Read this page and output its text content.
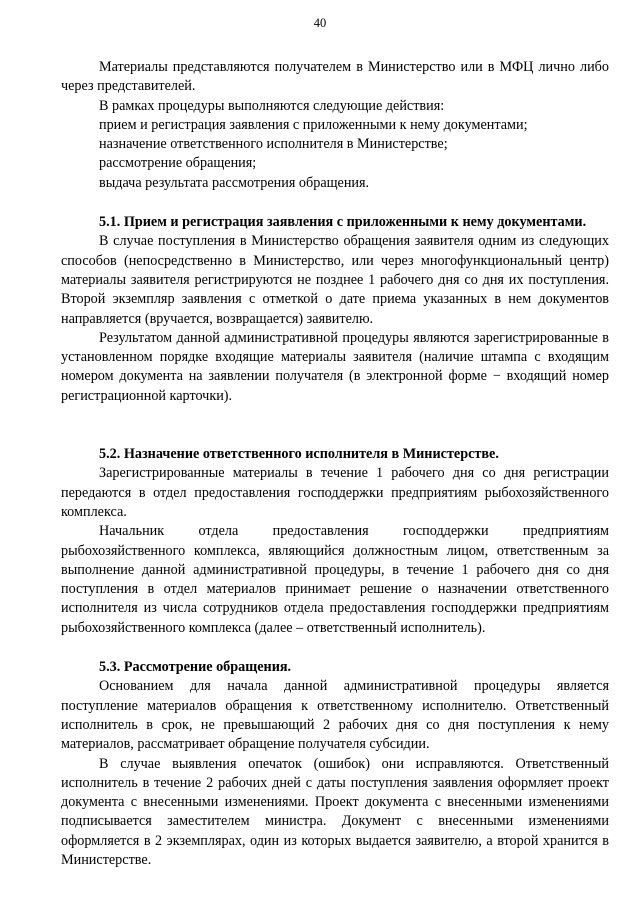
40

Материалы представляются получателем в Министерство или в МФЦ лично либо через представителей.

В рамках процедуры выполняются следующие действия:

прием и регистрация заявления с приложенными к нему документами;

назначение ответственного исполнителя в Министерстве;

рассмотрение обращения;

выдача результата рассмотрения обращения.

5.1. Прием и регистрация заявления с приложенными к нему документами.

В случае поступления в Министерство обращения заявителя одним из следующих способов (непосредственно в Министерство, или через многофункциональный центр) материалы заявителя регистрируются не позднее 1 рабочего дня со дня их поступления. Второй экземпляр заявления с отметкой о дате приема указанных в нем документов направляется (вручается, возвращается) заявителю.

Результатом данной административной процедуры являются зарегистрированные в установленном порядке входящие материалы заявителя (наличие штампа с входящим номером документа на заявлении получателя (в электронной форме − входящий номер регистрационной карточки).

5.2. Назначение ответственного исполнителя в Министерстве.

Зарегистрированные материалы в течение 1 рабочего дня со дня регистрации передаются в отдел предоставления господдержки предприятиям рыбохозяйственного комплекса.

Начальник отдела предоставления господдержки предприятиям рыбохозяйственного комплекса, являющийся должностным лицом, ответственным за выполнение данной административной процедуры, в течение 1 рабочего дня со дня поступления в отдел материалов принимает решение о назначении ответственного исполнителя из числа сотрудников отдела предоставления господдержки предприятиям рыбохозяйственного комплекса (далее – ответственный исполнитель).

5.3. Рассмотрение обращения.

Основанием для начала данной административной процедуры является поступление материалов обращения к ответственному исполнителю. Ответственный исполнитель в срок, не превышающий 2 рабочих дня со дня поступления к нему материалов, рассматривает обращение получателя субсидии.

В случае выявления опечаток (ошибок) они исправляются. Ответственный исполнитель в течение 2 рабочих дней с даты поступления заявления оформляет проект документа с внесенными изменениями. Проект документа с внесенными изменениями подписывается заместителем министра. Документ с внесенными изменениями оформляется в 2 экземплярах, один из которых выдается заявителю, а второй хранится в Министерстве.
